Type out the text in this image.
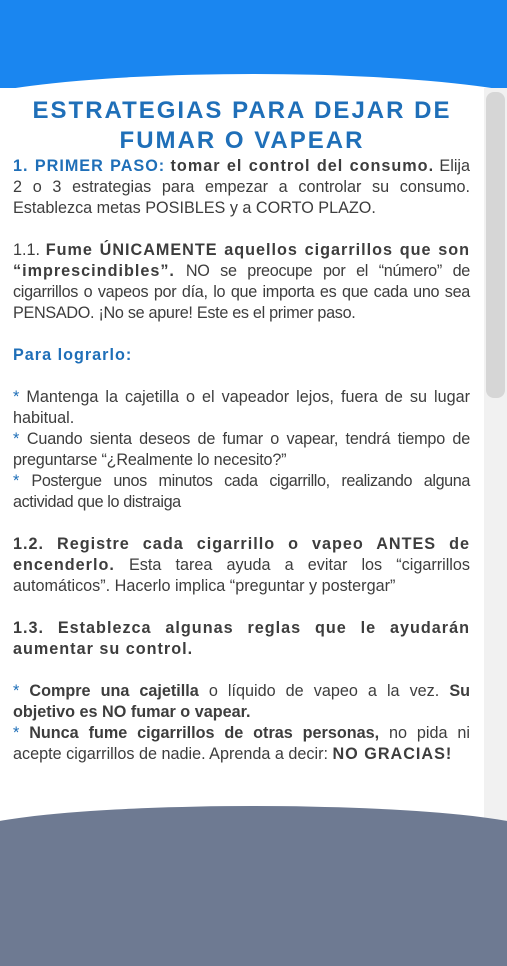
ESTRATEGIAS PARA DEJAR DE
FUMAR O VAPEAR

1. PRIMER PASO: tomar el control del consumo. Elija 2 o 3 estrategias para empezar a controlar su consumo. Establezca metas POSIBLES y a CORTO PLAZO.

1.1. Fume ÚNICAMENTE aquellos cigarrillos que son “imprescindibles”. NO se preocupe por el “número” de cigarrillos o vapeos por día, lo que importa es que cada uno sea PENSADO. ¡No se apure! Este es el primer paso.

Para lograrlo:

* Mantenga la cajetilla o el vapeador lejos, fuera de su lugar habitual.

* Cuando sienta deseos de fumar o vapear, tendrá tiempo de preguntarse “¿Realmente lo necesito?”

* Postergue unos minutos cada cigarrillo, realizando alguna actividad que lo distraiga

1.2. Registre cada cigarrillo o vapeo ANTES de encenderlo. Esta tarea ayuda a evitar los “cigarrillos automáticos”. Hacerlo implica “preguntar y postergar”

1.3. Establezca algunas reglas que le ayudarán aumentar su control.

* Compre una cajetilla o líquido de vapeo a la vez. Su objetivo es NO fumar o vapear.

* Nunca fume cigarrillos de otras personas, no pida ni acepte cigarrillos de nadie. Aprenda a decir: NO GRACIAS!
